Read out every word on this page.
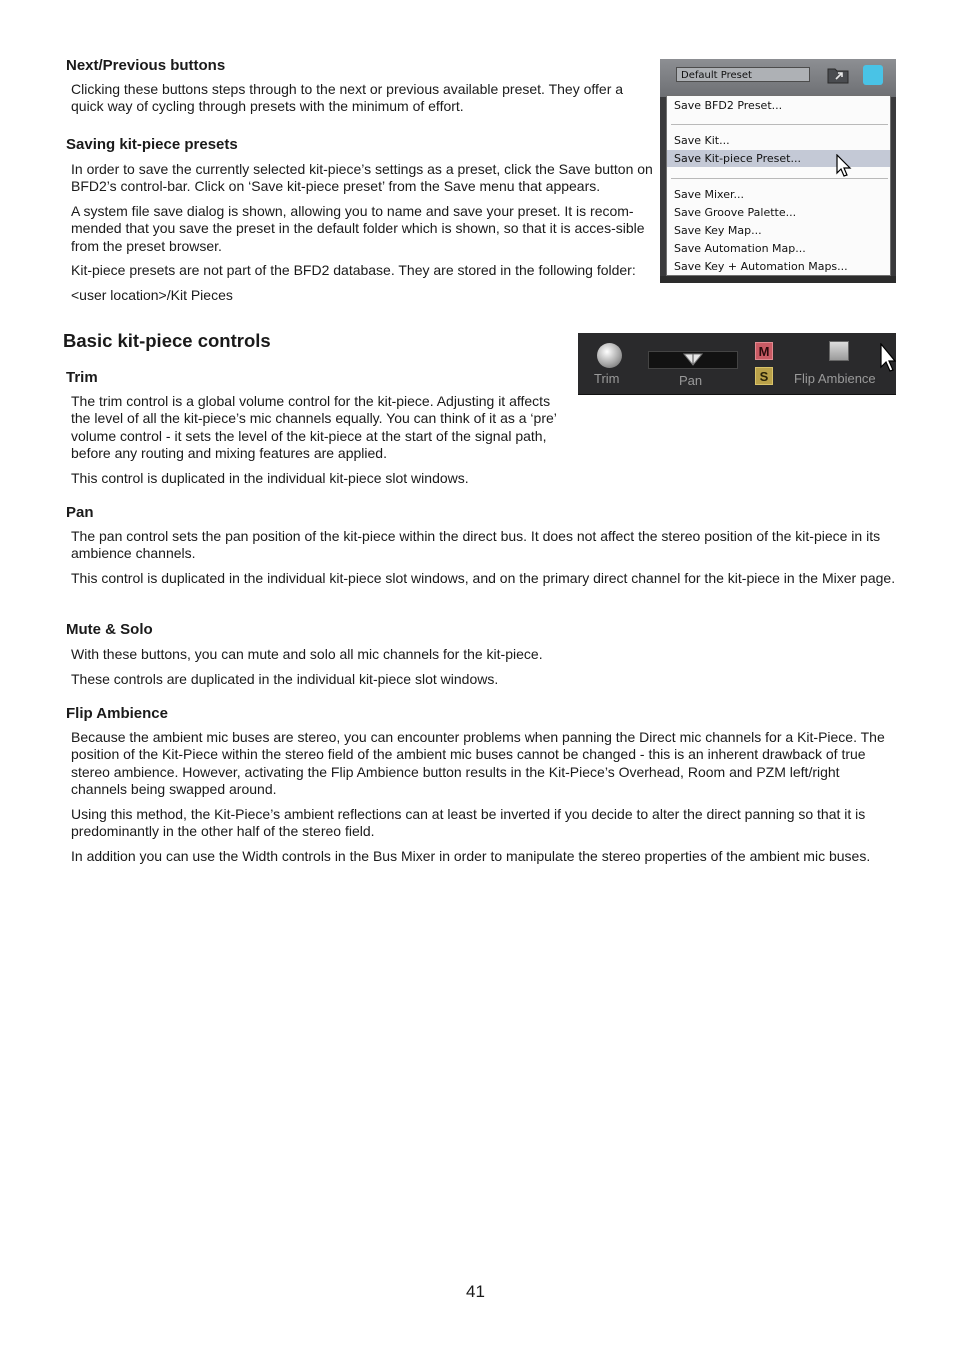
Next/Previous buttons

Clicking these buttons steps through to the next or previous available preset. They offer a quick way of cycling through presets with the minimum of effort.

Saving kit-piece presets

In order to save the currently selected kit-piece’s settings as a preset, click the Save button on BFD2’s control-bar. Click on ‘Save kit-piece preset’ from the Save menu that appears.

A system file save dialog is shown, allowing you to name and save your preset. It is recom-mended that you save the preset in the default folder which is shown, so that it is acces-sible from the preset browser.

Kit-piece presets are not part of the BFD2 database. They are stored in the following folder:

<user location>/Kit Pieces

Default Preset
Save BFD2 Preset...
Save Kit...
Save Kit-piece Preset...
Save Mixer...
Save Groove Palette...
Save Key Map...
Save Automation Map...
Save Key + Automation Maps...
Basic kit-piece controls
Trim	Pan
M
S	Flip Ambience
Trim

The trim control is a global volume control for the kit-piece. Adjusting it affects the level of all the kit-piece’s mic channels equally. You can think of it as a ‘pre’ volume control - it sets the level of the kit-piece at the start of the signal path, before any routing and mixing features are applied.

This control is duplicated in the individual kit-piece slot windows.

Pan

The pan control sets the pan position of the kit-piece within the direct bus. It does not affect the stereo position of the kit-piece in its ambience channels.

This control is duplicated in the individual kit-piece slot windows, and on the primary direct channel for the kit-piece in the Mixer page.

Mute & Solo

With these buttons, you can mute and solo all mic channels for the kit-piece.

These controls are duplicated in the individual kit-piece slot windows.

Flip Ambience

Because the ambient mic buses are stereo, you can encounter problems when panning the Direct mic channels for a Kit-Piece. The position of the Kit-Piece within the stereo field of the ambient mic buses cannot be changed - this is an inherent drawback of true stereo ambience. However, activating the Flip Ambience button results in the Kit-Piece’s Overhead, Room and PZM left/right channels being swapped around.

Using this method, the Kit-Piece’s ambient reflections can at least be inverted if you decide to alter the direct panning so that it is predominantly in the other half of the stereo field.

In addition you can use the Width controls in the Bus Mixer in order to manipulate the stereo properties of the ambient mic buses.

41
